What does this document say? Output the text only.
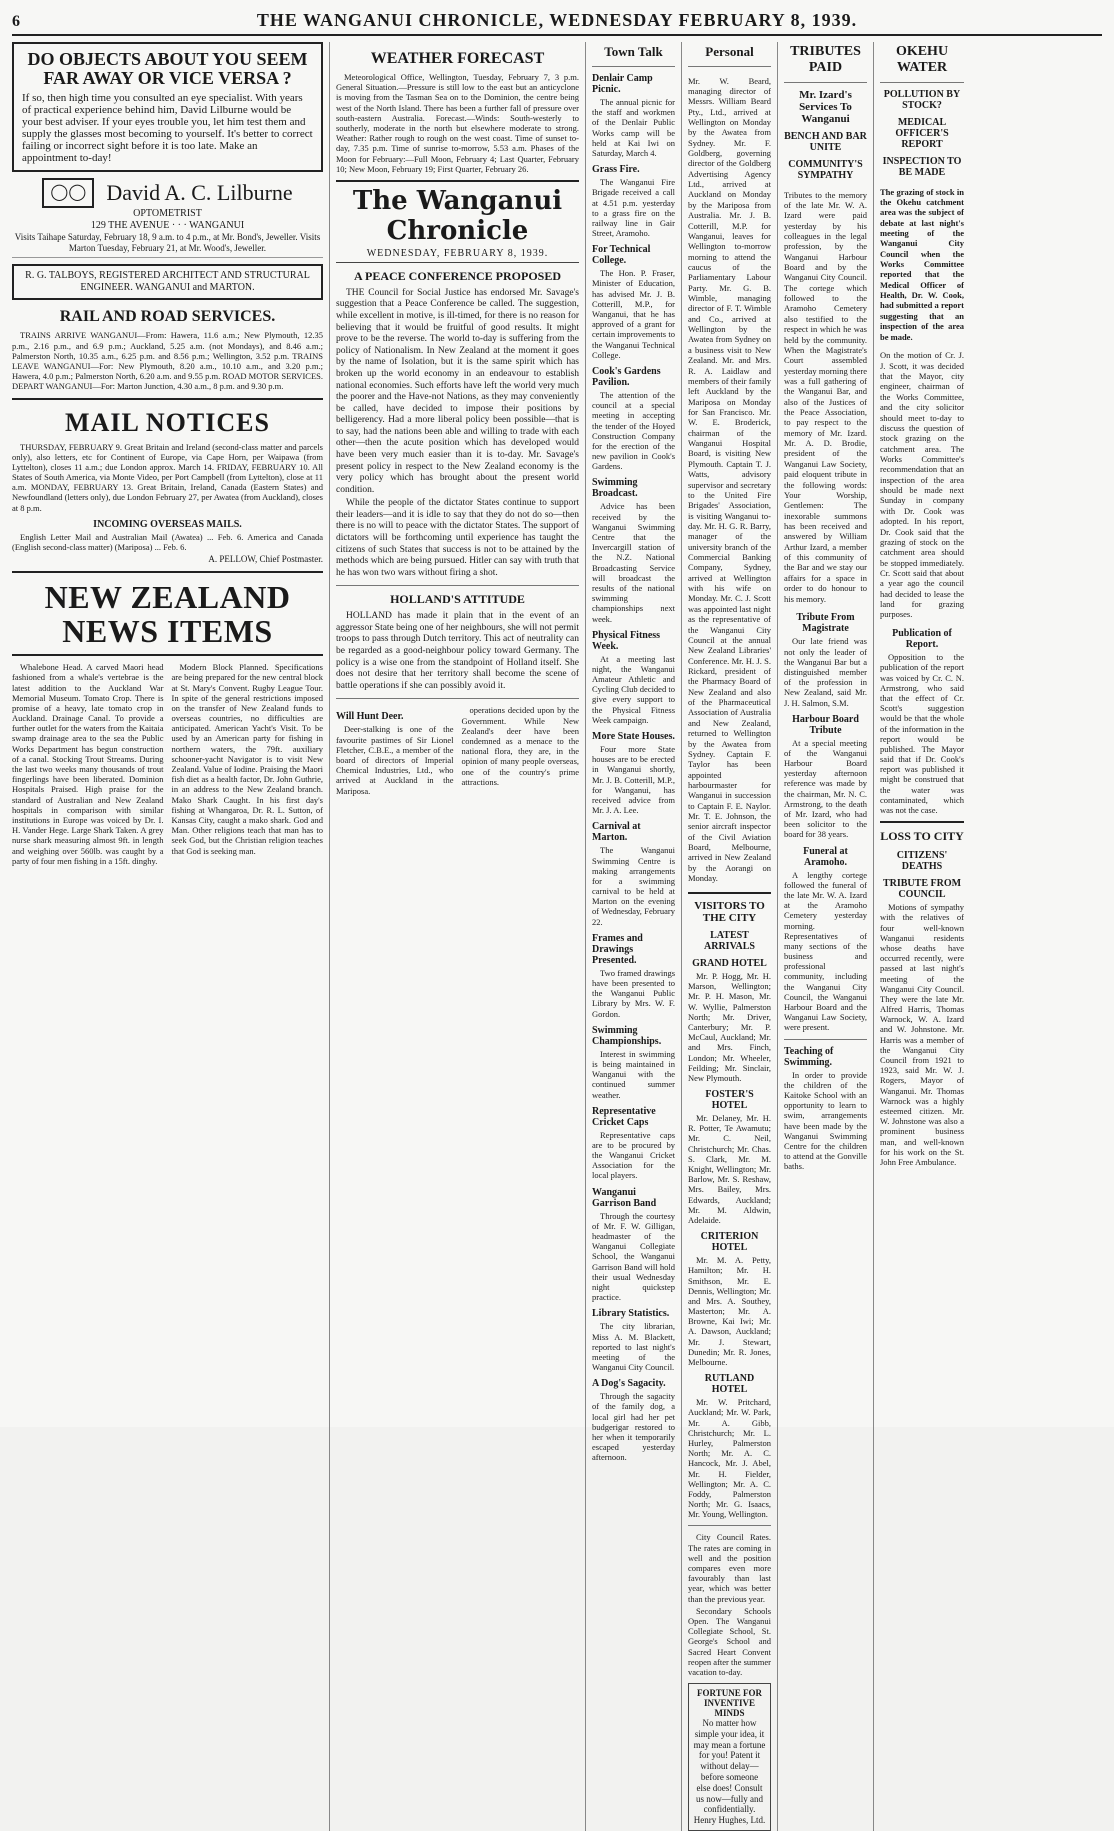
6	THE WANGANUI CHRONICLE, WEDNESDAY FEBRUARY 8, 1939.
DO OBJECTS ABOUT YOU SEEM FAR AWAY OR VICE VERSA ?
If so, then high time you consulted an eye specialist. With years of practical experience behind him, David Lilburne would be your best adviser. If your eyes trouble you, let him test them and supply the glasses most becoming to yourself. It's better to correct failing or incorrect sight before it is too late. Make an appointment to-day!
◯◯ David A. C. Lilburne
OPTOMETRIST
129 THE AVENUE · · · WANGANUI
Visits Taihape Saturday, February 18, 9 a.m. to 4 p.m., at Mr. Bond's, Jeweller. Visits Marton Tuesday, February 21, at Mr. Wood's, Jeweller.
R. G. TALBOYS, REGISTERED ARCHITECT AND STRUCTURAL ENGINEER. WANGANUI and MARTON.
RAIL AND ROAD SERVICES.

TRAINS ARRIVE WANGANUI—From: Hawera, 11.6 a.m.; New Plymouth, 12.35 p.m., 2.16 p.m., and 6.9 p.m.; Auckland, 5.25 a.m. (not Mondays), and 8.46 a.m.; Palmerston North, 10.35 a.m., 6.25 p.m. and 8.56 p.m.; Wellington, 3.52 p.m. TRAINS LEAVE WANGANUI—For: New Plymouth, 8.20 a.m., 10.10 a.m., and 3.20 p.m.; Hawera, 4.0 p.m.; Palmerston North, 6.20 a.m. and 9.55 p.m. ROAD MOTOR SERVICES. DEPART WANGANUI—For: Marton Junction, 4.30 a.m., 8 p.m. and 9.30 p.m.

MAIL NOTICES

THURSDAY, FEBRUARY 9. Great Britain and Ireland (second-class matter and parcels only), also letters, etc for Continent of Europe, via Cape Horn, per Waipawa (from Lyttelton), closes 11 a.m.; due London approx. March 14. FRIDAY, FEBRUARY 10. All States of South America, via Monte Video, per Port Campbell (from Lyttelton), close at 11 a.m. MONDAY, FEBRUARY 13. Great Britain, Ireland, Canada (Eastern States) and Newfoundland (letters only), due London February 27, per Awatea (from Auckland), closes at 8 p.m.

INCOMING OVERSEAS MAILS.

English Letter Mail and Australian Mail (Awatea) ... Feb. 6. America and Canada (English second-class matter) (Mariposa) ... Feb. 6.

A. PELLOW, Chief Postmaster.
NEW ZEALAND NEWS ITEMS

Whalebone Head. A carved Maori head fashioned from a whale's vertebrae is the latest addition to the Auckland War Memorial Museum. Tomato Crop. There is promise of a heavy, late tomato crop in Auckland. Drainage Canal. To provide a further outlet for the waters from the Kaitaia swamp drainage area to the sea the Public Works Department has begun construction of a canal. Stocking Trout Streams. During the last two weeks many thousands of trout fingerlings have been liberated. Dominion Hospitals Praised. High praise for the standard of Australian and New Zealand hospitals in comparison with similar institutions in Europe was voiced by Dr. I. H. Vander Hege. Large Shark Taken. A grey nurse shark measuring almost 9ft. in length and weighing over 560lb. was caught by a party of four men fishing in a 15ft. dinghy.

Modern Block Planned. Specifications are being prepared for the new central block at St. Mary's Convent. Rugby League Tour. In spite of the general restrictions imposed on the transfer of New Zealand funds to overseas countries, no difficulties are anticipated. American Yacht's Visit. To be used by an American party for fishing in northern waters, the 79ft. auxiliary schooner-yacht Navigator is to visit New Zealand. Value of Iodine. Praising the Maori fish diet as a health factor, Dr. John Guthrie, in an address to the New Zealand branch. Mako Shark Caught. In his first day's fishing at Whangaroa, Dr. R. L. Sutton, of Kansas City, caught a mako shark. God and Man. Other religions teach that man has to seek God, but the Christian religion teaches that God is seeking man.

WEATHER FORECAST

Meteorological Office, Wellington, Tuesday, February 7, 3 p.m. General Situation.—Pressure is still low to the east but an anticyclone is moving from the Tasman Sea on to the Dominion, the centre being west of the North Island. There has been a further fall of pressure over south-eastern Australia. Forecast.—Winds: South-westerly to southerly, moderate in the north but elsewhere moderate to strong. Weather: Rather rough to rough on the west coast. Time of sunset to-day, 7.35 p.m. Time of sunrise to-morrow, 5.53 a.m. Phases of the Moon for February:—Full Moon, February 4; Last Quarter, February 10; New Moon, February 19; First Quarter, February 26.

The Wanganui Chronicle
WEDNESDAY, FEBRUARY 8, 1939.
A PEACE CONFERENCE PROPOSED

THE Council for Social Justice has endorsed Mr. Savage's suggestion that a Peace Conference be called. The suggestion, while excellent in motive, is ill-timed, for there is no reason for believing that it would be fruitful of good results. It might prove to be the reverse. The world to-day is suffering from the policy of Nationalism. In New Zealand at the moment it goes by the name of Isolation, but it is the same spirit which has broken up the world economy in an endeavour to establish national economies. Such efforts have left the world very much the poorer and the Have-not Nations, as they may conveniently be called, have decided to impose their positions by belligerency. Had a more liberal policy been possible—that is to say, had the nations been able and willing to trade with each other—then the acute position which has developed would have been very much easier than it is to-day. Mr. Savage's present policy in respect to the New Zealand economy is the very policy which has brought about the present world condition.

While the people of the dictator States continue to support their leaders—and it is idle to say that they do not do so—then there is no will to peace with the dictator States. The support of dictators will be forthcoming until experience has taught the citizens of such States that success is not to be attained by the methods which are being pursued. Hitler can say with truth that he has won two wars without firing a shot.

HOLLAND'S ATTITUDE

HOLLAND has made it plain that in the event of an aggressor State being one of her neighbours, she will not permit troops to pass through Dutch territory. This act of neutrality can be regarded as a good-neighbour policy toward Germany. The policy is a wise one from the standpoint of Holland itself. She does not desire that her territory shall become the scene of battle operations if she can possibly avoid it.

Will Hunt Deer.

Deer-stalking is one of the favourite pastimes of Sir Lionel Fletcher, C.B.E., a member of the board of directors of Imperial Chemical Industries, Ltd., who arrived at Auckland in the Mariposa.

operations decided upon by the Government. While New Zealand's deer have been condemned as a menace to the national flora, they are, in the opinion of many people overseas, one of the country's prime attractions.

Town Talk
Denlair Camp Picnic.

The annual picnic for the staff and workmen of the Denlair Public Works camp will be held at Kai Iwi on Saturday, March 4.

Grass Fire.

The Wanganui Fire Brigade received a call at 4.51 p.m. yesterday to a grass fire on the railway line in Gair Street, Aramoho.

For Technical College.

The Hon. P. Fraser, Minister of Education, has advised Mr. J. B. Cotterill, M.P., for Wanganui, that he has approved of a grant for certain improvements to the Wanganui Technical College.

Cook's Gardens Pavilion.

The attention of the council at a special meeting in accepting the tender of the Hoyed Construction Company for the erection of the new pavilion in Cook's Gardens.

Swimming Broadcast.

Advice has been received by the Wanganui Swimming Centre that the Invercargill station of the N.Z. National Broadcasting Service will broadcast the results of the national swimming championships next week.

Physical Fitness Week.

At a meeting last night, the Wanganui Amateur Athletic and Cycling Club decided to give every support to the Physical Fitness Week campaign.

More State Houses.

Four more State houses are to be erected in Wanganui shortly, Mr. J. B. Cotterill, M.P., for Wanganui, has received advice from Mr. J. A. Lee.

Carnival at Marton.

The Wanganui Swimming Centre is making arrangements for a swimming carnival to be held at Marton on the evening of Wednesday, February 22.

Frames and Drawings Presented.

Two framed drawings have been presented to the Wanganui Public Library by Mrs. W. F. Gordon.

Swimming Championships.

Interest in swimming is being maintained in Wanganui with the continued summer weather.

Representative Cricket Caps

Representative caps are to be procured by the Wanganui Cricket Association for the local players.

Wanganui Garrison Band

Through the courtesy of Mr. F. W. Gilligan, headmaster of the Wanganui Collegiate School, the Wanganui Garrison Band will hold their usual Wednesday night quickstep practice.

Library Statistics.

The city librarian, Miss A. M. Blackett, reported to last night's meeting of the Wanganui City Council.

A Dog's Sagacity.

Through the sagacity of the family dog, a local girl had her pet budgerigar restored to her when it temporarily escaped yesterday afternoon.

Personal

Mr. W. Beard, managing director of Messrs. William Beard Pty., Ltd., arrived at Wellington on Monday by the Awatea from Sydney. Mr. F. Goldberg, governing director of the Goldberg Advertising Agency Ltd., arrived at Auckland on Monday by the Mariposa from Australia. Mr. J. B. Cotterill, M.P. for Wanganui, leaves for Wellington to-morrow morning to attend the caucus of the Parliamentary Labour Party. Mr. G. B. Wimble, managing director of F. T. Wimble and Co., arrived at Wellington by the Awatea from Sydney on a business visit to New Zealand. Mr. and Mrs. R. A. Laidlaw and members of their family left Auckland by the Mariposa on Monday for San Francisco. Mr. W. E. Broderick, chairman of the Wanganui Hospital Board, is visiting New Plymouth. Captain T. J. Watts, advisory supervisor and secretary to the United Fire Brigades' Association, is visiting Wanganui to-day. Mr. H. G. R. Barry, manager of the university branch of the Commercial Banking Company, Sydney, arrived at Wellington with his wife on Monday. Mr. C. J. Scott was appointed last night as the representative of the Wanganui City Council at the annual New Zealand Libraries' Conference. Mr. H. J. S. Rickard, president of the Pharmacy Board of New Zealand and also of the Pharmaceutical Association of Australia and New Zealand, returned to Wellington by the Awatea from Sydney. Captain F. Taylor has been appointed harbourmaster for Wanganui in succession to Captain F. E. Naylor. Mr. T. E. Johnson, the senior aircraft inspector of the Civil Aviation Board, Melbourne, arrived in New Zealand by the Aorangi on Monday.

VISITORS TO THE CITY
LATEST ARRIVALS
GRAND HOTEL

Mr. P. Hogg, Mr. H. Marson, Wellington; Mr. P. H. Mason, Mr. W. Wyllie, Palmerston North; Mr. Driver, Canterbury; Mr. P. McCaul, Auckland; Mr. and Mrs. Finch, London; Mr. Wheeler, Feilding; Mr. Sinclair, New Plymouth.

FOSTER'S HOTEL

Mr. Delaney, Mr. H. R. Potter, Te Awamutu; Mr. C. Neil, Christchurch; Mr. Chas. S. Clark, Mr. M. Knight, Wellington; Mr. Barlow, Mr. S. Reshaw, Mrs. Bailey, Mrs. Edwards, Auckland; Mr. M. Aldwin, Adelaide.

CRITERION HOTEL

Mr. M. A. Petty, Hamilton; Mr. H. Smithson, Mr. E. Dennis, Wellington; Mr. and Mrs. A. Southey, Masterton; Mr. A. Browne, Kai Iwi; Mr. A. Dawson, Auckland; Mr. J. Stewart, Dunedin; Mr. R. Jones, Melbourne.

RUTLAND HOTEL

Mr. W. Pritchard, Auckland; Mr. W. Park, Mr. A. Gibb, Christchurch; Mr. L. Hurley, Palmerston North; Mr. A. C. Hancock, Mr. J. Abel, Mr. H. Fielder, Wellington; Mr. A. C. Foddy, Palmerston North; Mr. G. Isaacs, Mr. Young, Wellington.

City Council Rates. The rates are coming in well and the position compares even more favourably than last year, which was better than the previous year.

Secondary Schools Open. The Wanganui Collegiate School, St. George's School and Sacred Heart Convent reopen after the summer vacation to-day.

FORTUNE FOR INVENTIVE MINDS
No matter how simple your idea, it may mean a fortune for you! Patent it without delay—before someone else does! Consult us now—fully and confidentially. Henry Hughes, Ltd.
TRIBUTES PAID
Mr. Izard's Services To Wanganui
BENCH AND BAR UNITE
COMMUNITY'S SYMPATHY

Tributes to the memory of the late Mr. W. A. Izard were paid yesterday by his colleagues in the legal profession, by the Wanganui Harbour Board and by the Wanganui City Council. The cortege which followed to the Aramoho Cemetery also testified to the respect in which he was held by the community. When the Magistrate's Court assembled yesterday morning there was a full gathering of the Wanganui Bar, and also of the Justices of the Peace Association, to pay respect to the memory of Mr. Izard. Mr. A. D. Brodie, president of the Wanganui Law Society, paid eloquent tribute in the following words: Your Worship, Gentlemen: The inexorable summons has been received and answered by William Arthur Izard, a member of this community of the Bar and we stay our affairs for a space in order to do honour to his memory.

Tribute From Magistrate

Our late friend was not only the leader of the Wanganui Bar but a distinguished member of the profession in New Zealand, said Mr. J. H. Salmon, S.M.

Harbour Board Tribute

At a special meeting of the Wanganui Harbour Board yesterday afternoon reference was made by the chairman, Mr. N. C. Armstrong, to the death of Mr. Izard, who had been solicitor to the board for 38 years.

Funeral at Aramoho.

A lengthy cortege followed the funeral of the late Mr. W. A. Izard at the Aramoho Cemetery yesterday morning. Representatives of many sections of the business and professional community, including the Wanganui City Council, the Wanganui Harbour Board and the Wanganui Law Society, were present.

Teaching of Swimming.

In order to provide the children of the Kaitoke School with an opportunity to learn to swim, arrangements have been made by the Wanganui Swimming Centre for the children to attend at the Gonville baths.

OKEHU WATER
POLLUTION BY STOCK?
MEDICAL OFFICER'S REPORT
INSPECTION TO BE MADE

The grazing of stock in the Okehu catchment area was the subject of debate at last night's meeting of the Wanganui City Council when the Works Committee reported that the Medical Officer of Health, Dr. W. Cook, had submitted a report suggesting that an inspection of the area be made.

On the motion of Cr. J. J. Scott, it was decided that the Mayor, city engineer, chairman of the Works Committee, and the city solicitor should meet to-day to discuss the question of stock grazing on the catchment area. The Works Committee's recommendation that an inspection of the area should be made next Sunday in company with Dr. Cook was adopted. In his report, Dr. Cook said that the grazing of stock on the catchment area should be stopped immediately. Cr. Scott said that about a year ago the council had decided to lease the land for grazing purposes.

Publication of Report.

Opposition to the publication of the report was voiced by Cr. C. N. Armstrong, who said that the effect of Cr. Scott's suggestion would be that the whole of the information in the report would be published. The Mayor said that if Dr. Cook's report was published it might be construed that the water was contaminated, which was not the case.

LOSS TO CITY
CITIZENS' DEATHS
TRIBUTE FROM COUNCIL

Motions of sympathy with the relatives of four well-known Wanganui residents whose deaths have occurred recently, were passed at last night's meeting of the Wanganui City Council. They were the late Mr. Alfred Harris, Thomas Warnock, W. A. Izard and W. Johnstone. Mr. Harris was a member of the Wanganui City Council from 1921 to 1923, said Mr. W. J. Rogers, Mayor of Wanganui. Mr. Thomas Warnock was a highly esteemed citizen. Mr. W. Johnstone was also a prominent business man, and well-known for his work on the St. John Free Ambulance.
